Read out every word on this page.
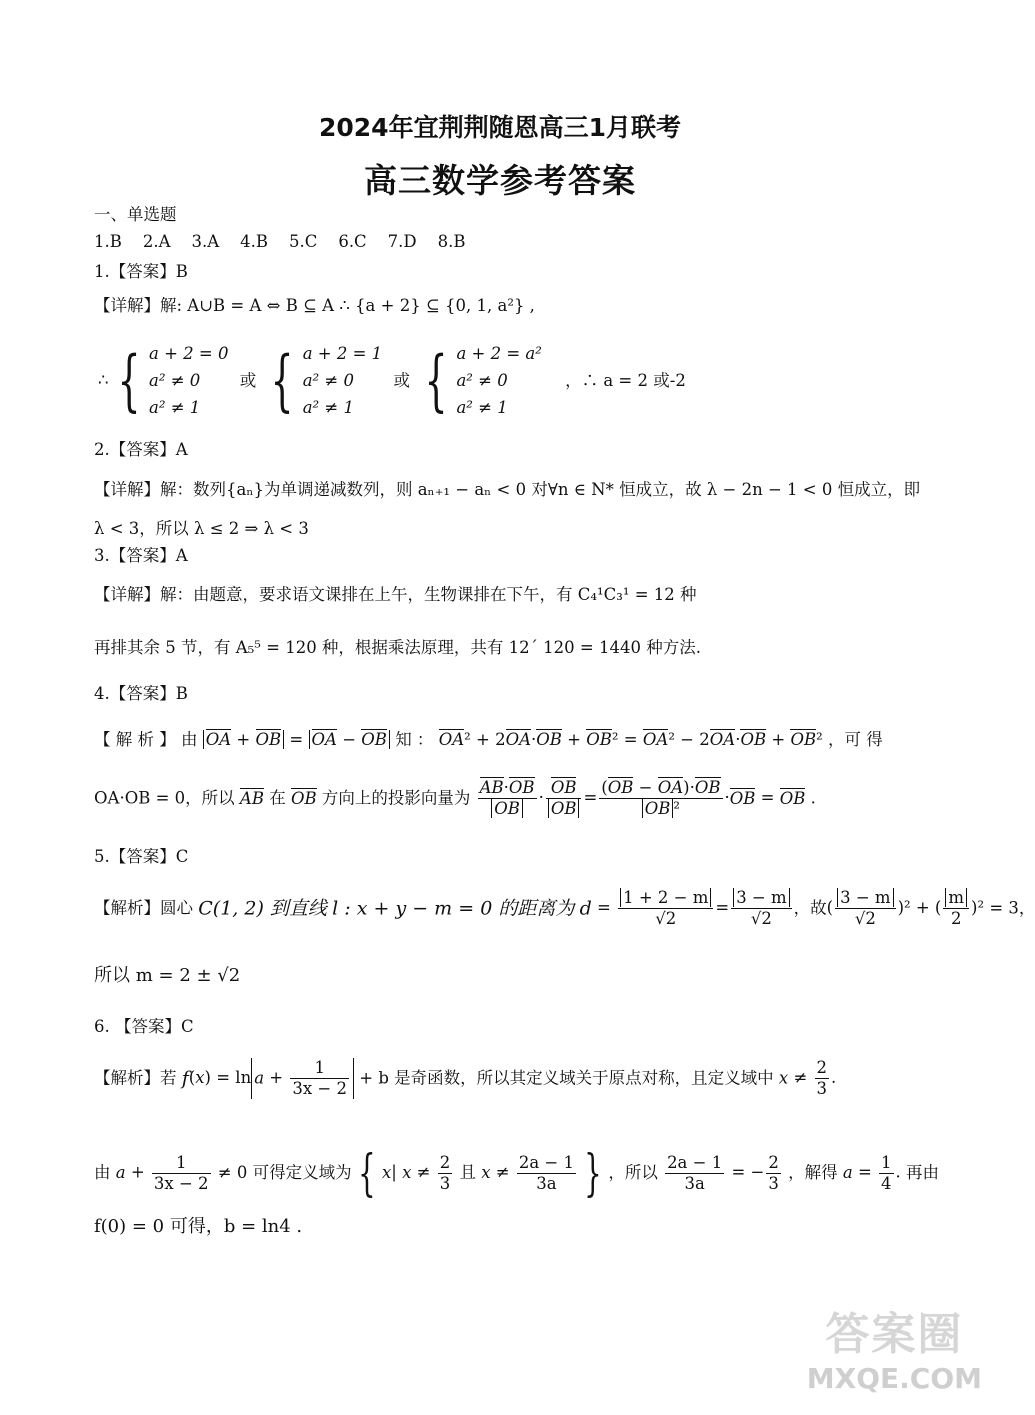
2024年宜荆荆随恩高三1月联考
高三数学参考答案
一、单选题
1.B    2.A    3.A    4.B    5.C    6.C    7.D    8.B
1.【答案】B
【详解】解: A∪B = A ⇔ B ⊆ A ∴ {a + 2} ⊆ {0, 1, a²} ,
∴ { a + 2 = 0
a² ≠ 0
a² ≠ 1
或 { a + 2 = 1
a² ≠ 0
a² ≠ 1
或 { a + 2 = a²
a² ≠ 0
a² ≠ 1
，∴ a = 2 或-2
2.【答案】A
【详解】解：数列{aₙ}为单调递减数列，则 aₙ₊₁ − aₙ < 0 对∀n ∈ N* 恒成立，故 λ − 2n − 1 < 0 恒成立，即
λ < 3，所以 λ ≤ 2 ⇒ λ < 3
3.【答案】A
【详解】解：由题意，要求语文课排在上午，生物课排在下午，有 C₄¹C₃¹ = 12 种
再排其余 5 节，有 A₅⁵ = 120 种，根据乘法原理，共有 12´ 120 = 1440 种方法.
4.【答案】B
【 解 析 】 由 OA + OB = OA − OB 知 ： OA² + 2OA·OB + OB² = OA² − 2OA·OB + OB² ，可 得
OA·OB = 0，所以 AB 在 OB 方向上的投影向量为 $\frac{AB\cdot OB}{OB} \cdot \frac{OB}{OB} = \frac{(OB - OA)\cdot OB}{\text{OB ²}} \cdot OB$ = OB .
5.【答案】C
【解析】圆心 C(1, 2) 到直线 l : x + y − m = 0 的距离为 $d = \frac{1 + 2 - m}{√2} = \frac{3 - m}{√2}$ ，故( $\frac{3 - m}{√2} )^2$ + ( $\frac{m}{2} )^2 = 3$，
所以 m = 2 ± √2
6. 【答案】C
【解析】若 $f(x) = \ln a + \frac{1}{3x - 2} + b$ 是奇函数，所以其定义域关于原点对称，且定义域中 $x \ne \frac{2}{3}$ .
由 $a + \frac{1}{3x - 2} \ne 0$ 可得定义域为 { x| $x \ne \frac{2}{3}$ 且 $x \ne \frac{2a - 1}{3a}$ } ，所以 $\frac{2a - 1}{3a}$ = − $\frac{2}{3}$ ，解得 $a = \frac{1}{4}$ . 再由
f(0) = 0 可得，b = ln4 .
答案圈
MXQE.COM
